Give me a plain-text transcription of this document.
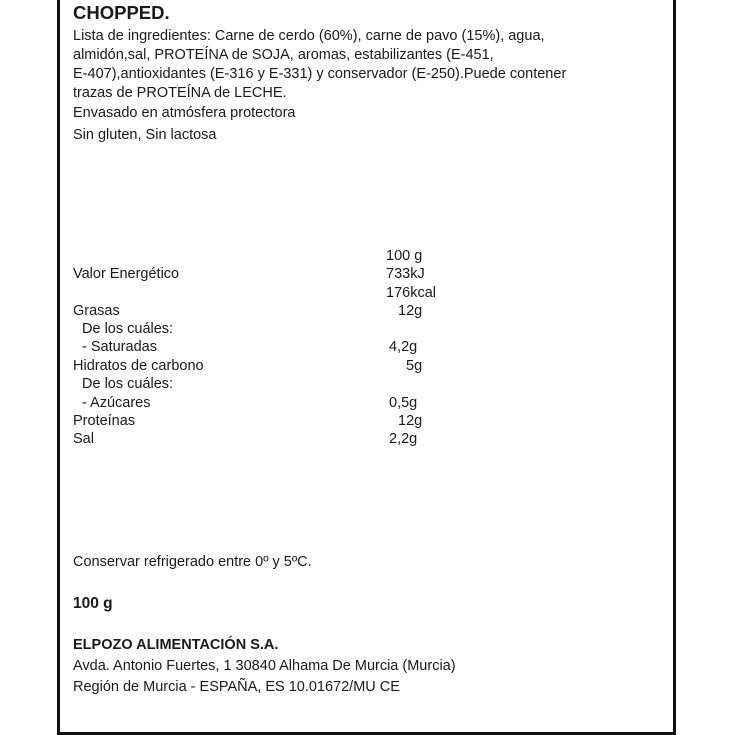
CHOPPED.
Lista de ingredientes: Carne de cerdo (60%), carne de pavo (15%), agua,
almidón,sal, PROTEÍNA de SOJA, aromas, estabilizantes (E-451,
E-407),antioxidantes (E-316 y E-331) y conservador (E-250).Puede contener
trazas de PROTEÍNA de LECHE.
Envasado en atmósfera protectora
Sin gluten, Sin lactosa
100 g
Valor Energético	733kJ
176kcal
Grasas	12g
De los cuáles:
- Saturadas	4,2g
Hidratos de carbono	5g
De los cuáles:
- Azúcares	0,5g
Proteínas	12g
Sal	2,2g
Conservar refrigerado entre 0º y 5ºC.
100 g
ELPOZO ALIMENTACIÓN S.A.
Avda. Antonio Fuertes, 1 30840 Alhama De Murcia (Murcia)
Región de Murcia - ESPAÑA, ES 10.01672/MU CE
